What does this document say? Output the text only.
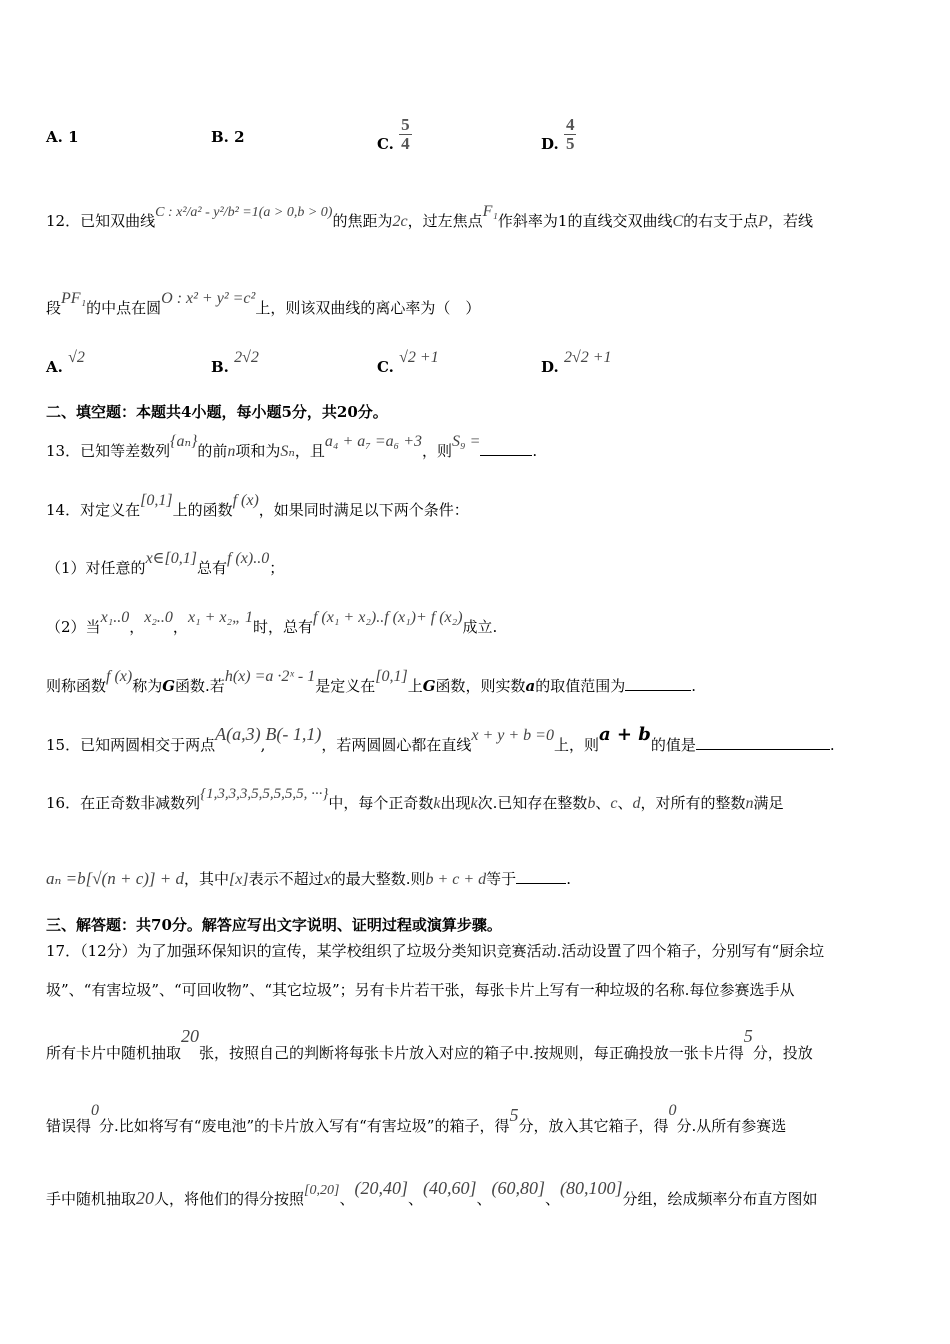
A. 1	B. 2	C. $\frac{5}{4}$	D. $\frac{4}{5}$
12．已知双曲线C : x²/a² - y²/b² =1(a > 0,b > 0)的焦距为2c，过左焦点F₁作斜率为1的直线交双曲线C的右支于点P，若线
段PF₁的中点在圆O : x² + y² =c²上，则该双曲线的离心率为（　）
A. √2
B. 2√2
C. √2 +1
D. 2√2 +1
二、填空题：本题共4小题，每小题5分，共20分。
13．已知等差数列{aₙ}的前n项和为Sₙ，且a₄ + a₇ =a₆ +3，则S₉ =.
14．对定义在[0,1]上的函数f (x)，如果同时满足以下两个条件：
（1）对任意的x∈[0,1]总有f (x)..0；
（2）当x₁..0，x₂..0，x₁ + x₂„ 1时，总有f (x₁ + x₂)..f (x₁)+ f (x₂)成立.
则称函数f (x)称为G函数.若h(x) =a ·2ˣ - 1是定义在[0,1]上G函数，则实数a的取值范围为	.
15．已知两圆相交于两点A(a,3),B(- 1,1)，若两圆圆心都在直线x + y + b =0上，则a + b的值是	.
16．在正奇数非减数列{1,3,3,3,5,5,5,5,5, ···}中，每个正奇数k出现k次.已知存在整数b、c、d，对所有的整数n满足
aₙ =b[√(n + c)] + d，其中[x]表示不超过x的最大整数.则b + c + d等于	.
三、解答题：共70分。解答应写出文字说明、证明过程或演算步骤。
17．（12分）为了加强环保知识的宣传，某学校组织了垃圾分类知识竞赛活动.活动设置了四个箱子，分别写有“厨余垃
圾”、“有害垃圾”、“可回收物”、“其它垃圾”；另有卡片若干张，每张卡片上写有一种垃圾的名称.每位参赛选手从
所有卡片中随机抽取20张，按照自己的判断将每张卡片放入对应的箱子中.按规则，每正确投放一张卡片得5分，投放
错误得0分.比如将写有“废电池”的卡片放入写有“有害垃圾”的箱子，得5分，放入其它箱子，得0分.从所有参赛选
手中随机抽取20人，将他们的得分按照[0,20]、(20,40]、(40,60]、(60,80]、(80,100]分组，绘成频率分布直方图如
